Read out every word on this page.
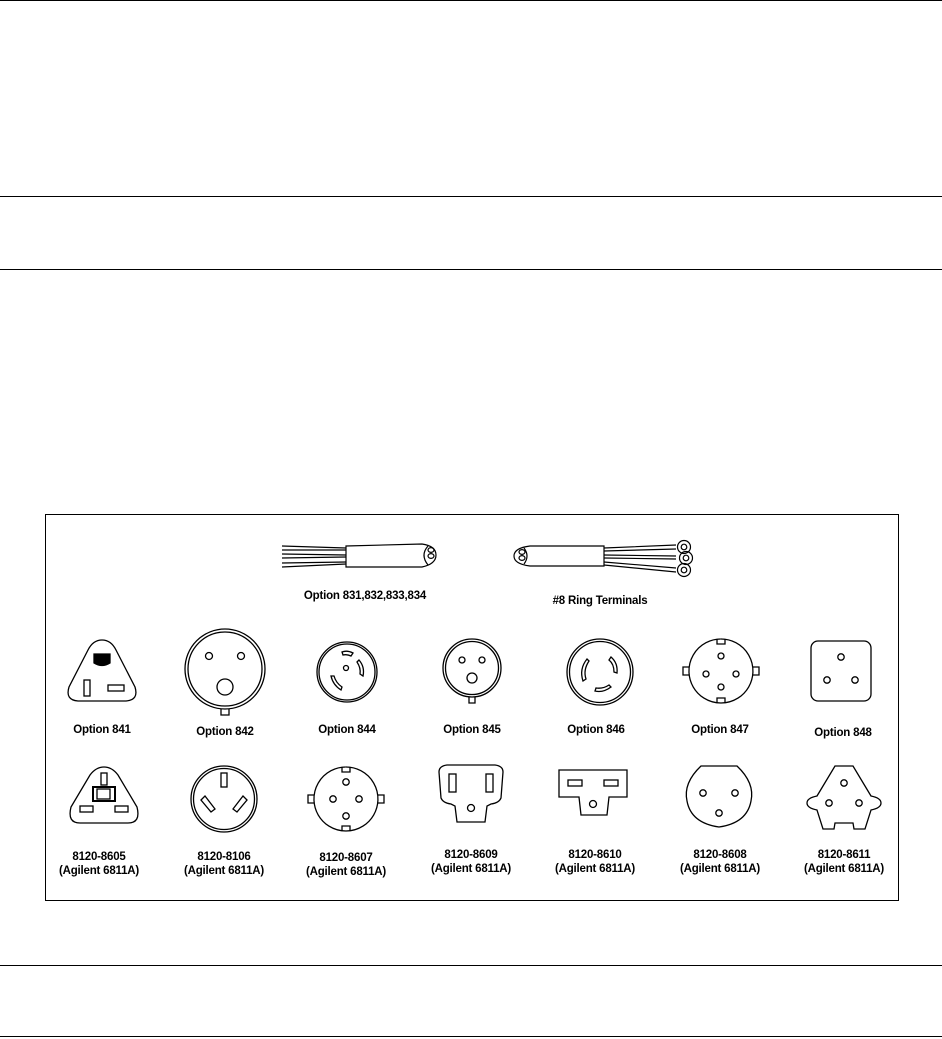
Option 831,832,833,834	#8 Ring Terminals
Option 841	Option 842	Option 844	Option 845	Option 846	Option 847	Option 848
8120-8605
(Agilent 6811A)
8120-8106
(Agilent 6811A)
8120-8607
(Agilent 6811A)
8120-8609
(Agilent 6811A)
8120-8610
(Agilent 6811A)
8120-8608
(Agilent 6811A)
8120-8611
(Agilent 6811A)
